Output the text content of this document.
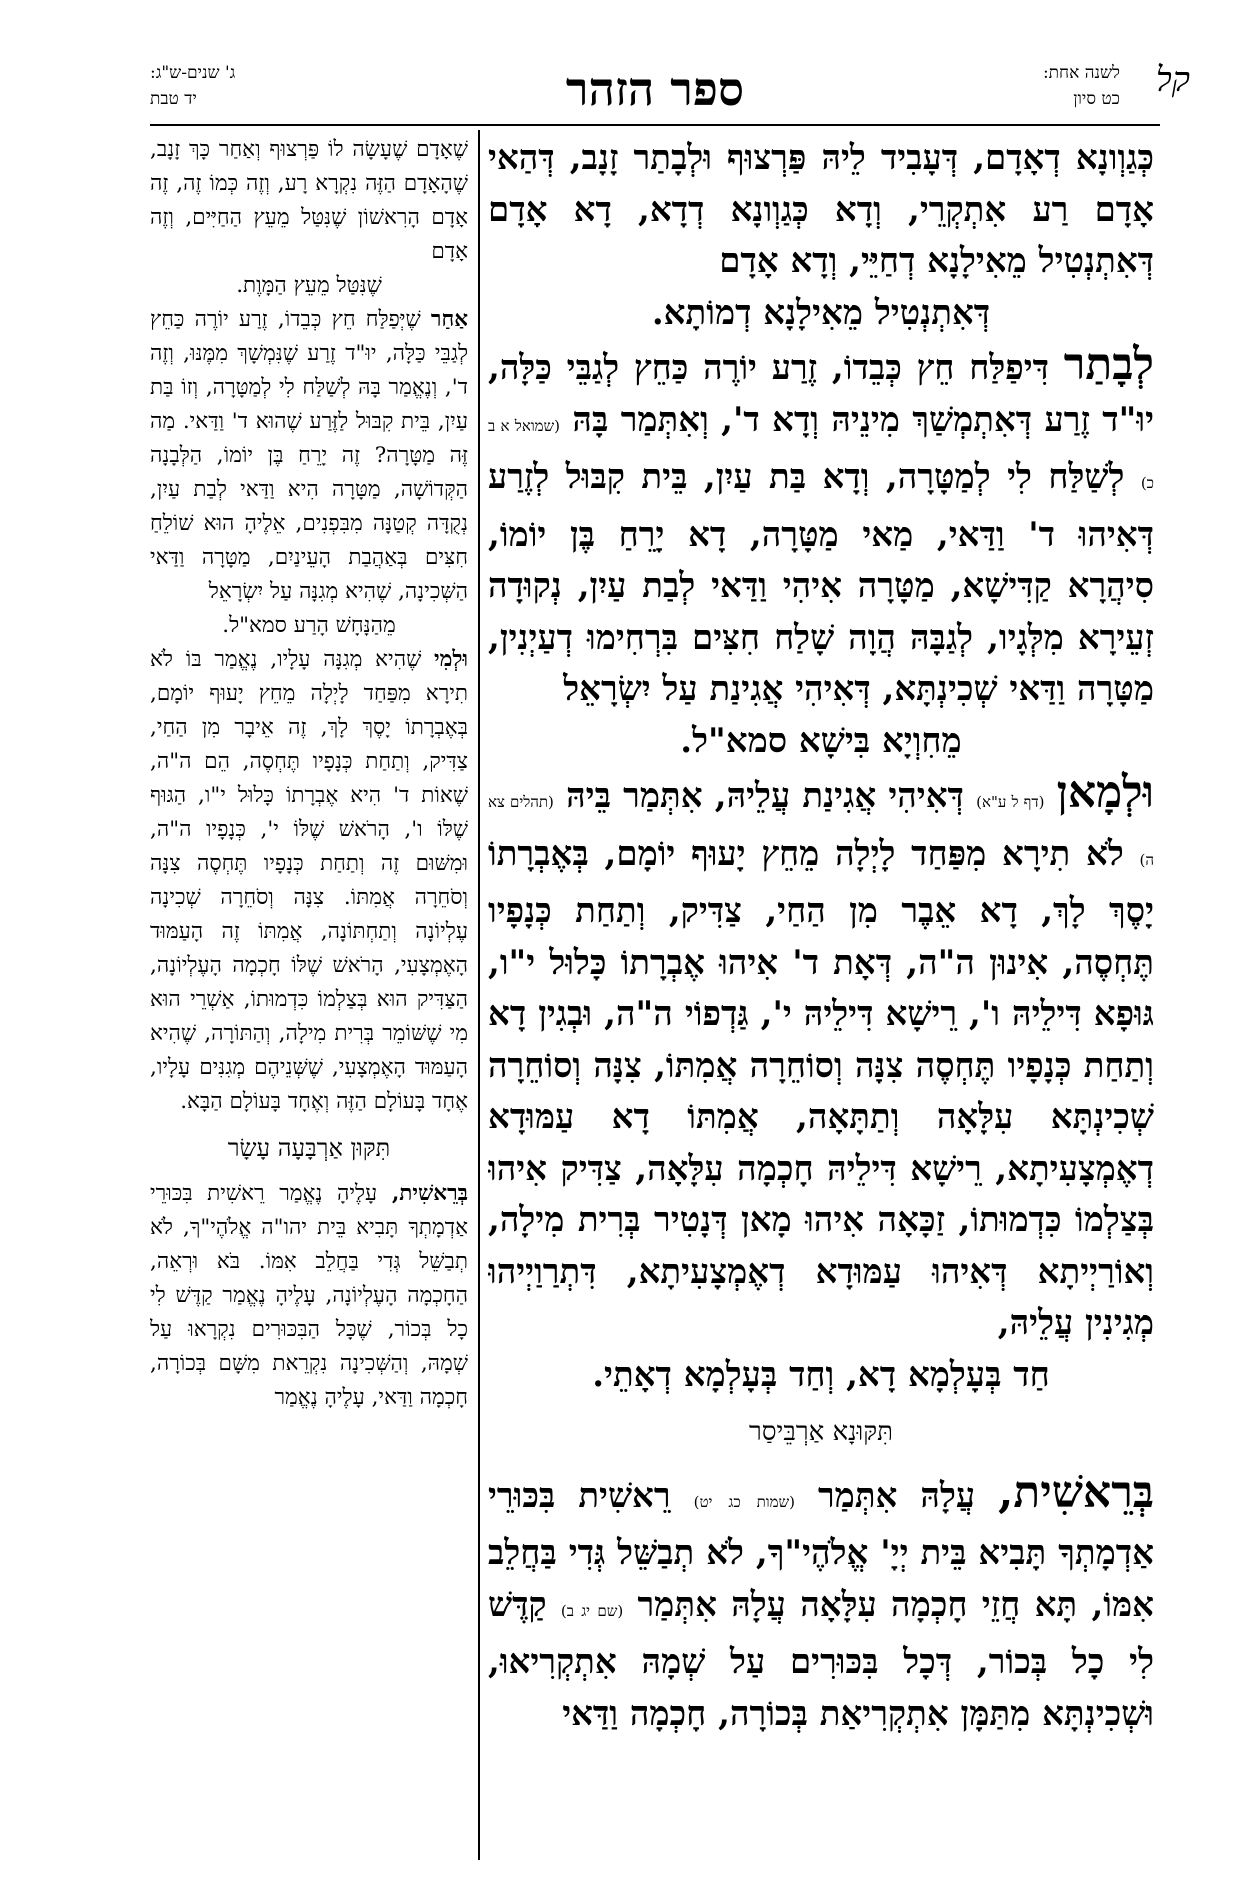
קל
לשנה אחת:
כט סיון
ספר הזהר
ג' שנים-ש"ג:
יד טבת

כְּגַוְונָא דְאָדָם, דְּעָבִיד לֵיהּ פַּרְצוּף וּלְבָתַר זָנָב, דְּהַאי אָדָם רַע אִתְקְרֵי, וְדָא כְּגַוְונָא דְדָא, דָא אָדָם דְּאִתְנְטִיל מֵאִילָנָא דְחַיֵּי, וְדָא אָדָם

דְּאִתְנְטִיל מֵאִילָנָא דְמוֹתָא.

לְבָתַר דִּיפַלַּח חֵץ כְּבֵדוֹ, זֶרַע יוֹרֶה כַּחֵץ לְגַבֵּי כַּלָּה, יוּ"ד זֶרַע דְּאִתְמְשַׁךְ מִינֵיהּ וְדָא ד', וְאִתְּמַר בָּהּ (שמואל א ב כ) לְשַׁלַּח לִי לְמַטָּרָה, וְדָא בַּת עַיִן, בֵּית קִבּוּל לְזֶרַע דְּאִיהוּ ד' וַדַּאי, מַאי מַטָּרָה, דָא יָרֵחַ בֶּן יוֹמוֹ, סִיהֲרָא קַדִּישָׁא, מַטָּרָה אִיהִי וַדַּאי לְבַת עַיִן, נְקוּדָה זְעֵירָא מִלְּגָיו, לְגַבָּהּ הֲוָה שָׁלַח חִצִּים בִּרְחִימוּ דְעַיְנִין, מַטָּרָה וַדַּאי שְׁכִינְתָּא, דְּאִיהִי אֲגִינַת עַל יִשְׂרָאֵל

מֵחִוְיָא בִּישָׁא סמא"ל.

וּלְמָאן (דף ל ע"א) דְּאִיהִי אֲגִינַת עֲלֵיהּ, אִתְּמַר בֵּיהּ (תהלים צא ה) לֹא תִירָא מִפַּחַד לָיְלָה מֵחֵץ יָעוּף יוֹמָם, בְּאֶבְרָתוֹ יָסֶךְ לָךְ, דָא אֵבֶר מִן הַחַי, צַדִּיק, וְתַחַת כְּנָפָיו תֶּחְסֶה, אִינוּן ה"ה, דְּאָת ד' אִיהוּ אֶבְרָתוֹ כָּלוּל י"ו, גּוּפָא דִּילֵיהּ ו', רֵישָׁא דִּילֵיהּ י', גַּדְפוֹי ה"ה, וּבְגִין דָא וְתַחַת כְּנָפָיו תֶּחְסֶה צִנָּה וְסוֹחֵרָה אֲמִתּוֹ, צִנָּה וְסוֹחֵרָה שְׁכִינְתָּא עִלָּאָה וְתַתָּאָה, אֲמִתּוֹ דָא עַמּוּדָא דְאֶמְצָעִיתָא, רֵישָׁא דִּילֵיהּ חָכְמָה עִלָּאָה, צַדִּיק אִיהוּ בְּצַלְמוֹ כִּדְמוּתוֹ, זַכָּאָה אִיהוּ מָאן דְּנָטִיר בְּרִית מִילָה, וְאוֹרַיְיתָא דְּאִיהוּ עַמּוּדָא דְאֶמְצָעִיתָא, דִּתְרַוַיְיהוּ מְגִינִין עֲלֵיהּ,

חַד בְּעָלְמָא דָא, וְחַד בְּעָלְמָא דְאָתֵי.

תִּקּוּנָא אַרְבֵּיסַר

בְּרֵאשִׁית, עֲלָהּ אִתְּמַר (שמות כג יט) רֵאשִׁית בִּכּוּרֵי אַדְמָתְךָ תָּבִיא בֵּית יְיָ' אֱלֹהֶי"ךָ, לֹא תְבַשֵּׁל גְּדִי בַּחֲלֵב אִמּוֹ, תָּא חֲזֵי חָכְמָה עִלָּאָה עֲלָהּ אִתְּמַר (שם יג ב) קַדֶּשׁ לִי כָל בְּכוֹר, דְּכָל בִּכּוּרִים עַל שְׁמָהּ אִתְקְרִיאוּ, וּשְׁכִינְתָּא מִתַּמָּן אִתְקְרִיאַת בְּכוֹרָה, חָכְמָה וַדַּאי

שֶׁאָדָם שֶׁעָשָׂה לוֹ פַּרְצוּף וְאַחַר כָּךְ זָנָב, שֶׁהָאָדָם הַזֶּה נִקְרָא רָע, וְזֶה כְּמוֹ זֶה, זֶה אָדָם הָרִאשׁוֹן שֶׁנִּטַּל מֵעֵץ הַחַיִּים, וְזֶה אָדָם

שֶׁנִּטַּל מֵעֵץ הַמָּוֶת.

אַחַר שֶׁיְּפַלַּח חֵץ כְּבֵדוֹ, זֶרַע יוֹרֶה כַּחֵץ לְגַבֵּי כַּלָּה, יוּ"ד זֶרַע שֶׁנִּמְשָׁךְ מִמֶּנּוּ, וְזֶה ד', וְנֶאֱמַר בָּהּ לְשַׁלַּח לִי לְמַטָּרָה, וְזוֹ בַּת עַיִן, בֵּית קִבּוּל לַזֶּרַע שֶׁהוּא ד' וַדַּאי. מַה זֶּה מַטָּרָה? זֶה יָרֵחַ בֶּן יוֹמוֹ, הַלְּבָנָה הַקְּדוֹשָׁה, מַטָּרָה הִיא וַדַּאי לְבַת עַיִן, נְקֻדָּה קְטַנָּה מִבִּפְנִים, אֵלֶיהָ הוּא שׁוֹלֵחַ חִצִּים בְּאַהֲבַת הָעֵינַיִם, מַטָּרָה וַדַּאי הַשְּׁכִינָה, שֶׁהִיא מְגִנָּה עַל יִשְׂרָאֵל

מֵהַנָּחָשׁ הָרַע סמא"ל.

וּלְמִי שֶׁהִיא מְגִנָּה עָלָיו, נֶאֱמַר בּוֹ לֹא תִירָא מִפַּחַד לָיְלָה מֵחֵץ יָעוּף יוֹמָם, בְּאֶבְרָתוֹ יָסֶךְ לָךְ, זֶה אֵיבָר מִן הַחַי, צַדִּיק, וְתַחַת כְּנָפָיו תֶּחְסֶה, הֵם ה"ה, שֶׁאוֹת ד' הִיא אֶבְרָתוֹ כָּלוּל י"ו, הַגּוּף שֶׁלּוֹ ו', הָרֹאשׁ שֶׁלּוֹ י', כְּנָפָיו ה"ה, וּמִשּׁוּם זֶה וְתַחַת כְּנָפָיו תֶּחְסֶה צִנָּה וְסֹחֵרָה אֲמִתּוֹ. צִנָּה וְסֹחֵרָה שְׁכִינָה עֶלְיוֹנָה וְתַחְתּוֹנָה, אֲמִתּוֹ זֶה הָעַמּוּד הָאֶמְצָעִי, הָרֹאשׁ שֶׁלּוֹ חָכְמָה הָעֶלְיוֹנָה, הַצַּדִּיק הוּא בְּצַלְמוֹ כִּדְמוּתוֹ, אַשְׁרֵי הוּא מִי שֶׁשּׁוֹמֵר בְּרִית מִילָה, וְהַתּוֹרָה, שֶׁהִיא הָעַמּוּד הָאֶמְצָעִי, שֶׁשְּׁנֵיהֶם מְגִנִּים עָלָיו, אֶחָד בָּעוֹלָם הַזֶּה וְאֶחָד בָּעוֹלָם הַבָּא.

תִּקּוּן אַרְבָּעָה עָשָׂר

בְּרֵאשִׁית, עָלֶיהָ נֶאֱמַר רֵאשִׁית בִּכּוּרֵי אַדְמָתְךָ תָּבִיא בֵּית יהו"ה אֱלֹהֶי"ךָ, לֹא תְבַשֵּׁל גְּדִי בַּחֲלֵב אִמּוֹ. בֹּא וּרְאֵה, הַחָכְמָה הָעֶלְיוֹנָה, עָלֶיהָ נֶאֱמַר קַדֶּשׁ לִי כָל בְּכוֹר, שֶׁכָּל הַבִּכּוּרִים נִקְרָאוּ עַל שְׁמָהּ, וְהַשְּׁכִינָה נִקְרֵאת מִשָּׁם בְּכוֹרָה, חָכְמָה וַדַּאי, עָלֶיהָ נֶאֱמַר
